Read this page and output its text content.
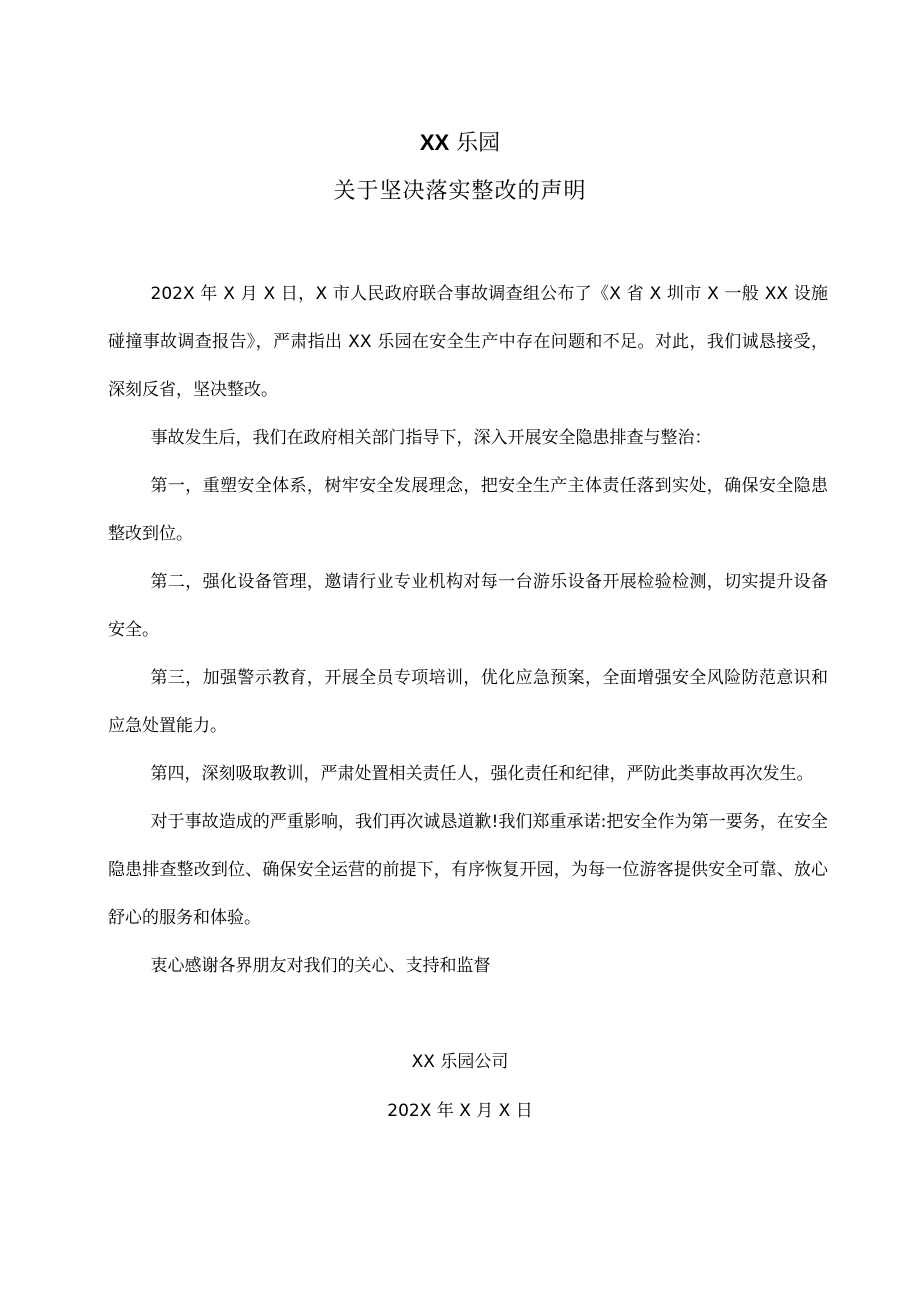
XX 乐园
关于坚决落实整改的声明

202X 年 X 月 X 日，X 市人民政府联合事故调查组公布了《X 省 X 圳市 X 一般 XX 设施碰撞事故调查报告》，严肃指出 XX 乐园在安全生产中存在问题和不足。对此，我们诚恳接受，深刻反省，坚决整改。

事故发生后，我们在政府相关部门指导下，深入开展安全隐患排查与整治：

第一，重塑安全体系，树牢安全发展理念，把安全生产主体责任落到实处，确保安全隐患整改到位。

第二，强化设备管理，邀请行业专业机构对每一台游乐设备开展检验检测，切实提升设备安全。

第三，加强警示教育，开展全员专项培训，优化应急预案，全面增强安全风险防范意识和应急处置能力。

第四，深刻吸取教训，严肃处置相关责任人，强化责任和纪律，严防此类事故再次发生。

对于事故造成的严重影响，我们再次诚恳道歉!我们郑重承诺:把安全作为第一要务，在安全隐患排查整改到位、确保安全运营的前提下，有序恢复开园，为每一位游客提供安全可靠、放心舒心的服务和体验。

衷心感谢各界朋友对我们的关心、支持和监督

XX 乐园公司
202X 年 X 月 X 日
